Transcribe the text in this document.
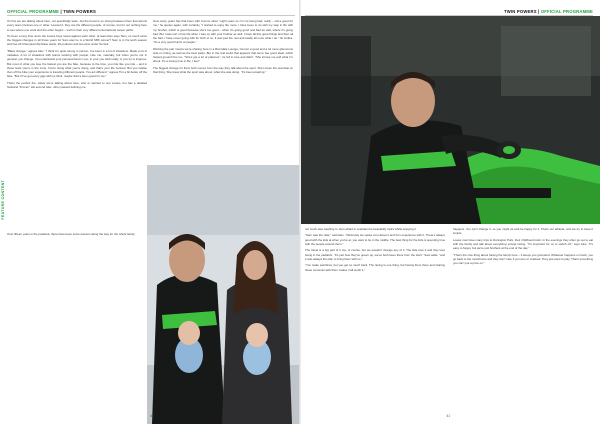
OFFICIAL PROGRAMME | TWIN POWERS	TWIN POWERS | OFFICIAL PROGRAMME
FEATURE CONTENT

It's fine we are talking about here, not specifically team, but the boost is so strong between them that almost every team involves one or other. Leaned it, they are the different people, of course, but it's not nothing here to see where one ends and the other begins – such is their very different international career paths.

It's been a long time since the Lowes boys raced against each other, at least Alex says Sam, so much since the biggest changes in all those years for Sam was he is a World SBK winner? Sam is in his tenth season and has 23 Championship Race starts, 29 podiums and two wins under his belt.

"Bikes change," agrees Alex. "I think I'm quite strong in person. I've been in a lot of situations. Made a lot of mistakes. A lot of situations with teams working with people. Like me, naturally, but when you're not in general, you change. You understand your personal best in you, in your you wish really, or you try to improve. But most of what you lose the fastest you are the bike, because to the time, you ride like you ride – and in those tests you're in the zone. You're doing what you're doing, and that's your life centred. But you realise then off the bike your experience is traveling different people. You act different," agrees Tim a bit better off the bike. "But if I've got every gigs with us think, maybe Sam's been good for me."

That's the perfect fire. Likely we're talking about here, who is married to one Lowes, but has a detailed husband "Frozen" His second rider, other passed defining me.

How many years has that been with Connor when "eight years so I'm not doing bad, really – she's good for me," he quotes again, with certainty. "I started to enjoy life more. I have been to do with my step in life with my brother, which is good because she's too good – when it's going good and bad as well, where it's going bad. But I was sort of low life when I was on with your brother as well. I have all this good things and then all the bad. I have never going with for both of us. It was just the rest and totally all more what I do." he smiles. "It's a very good bunch of people."

Working the pair means we're sharing here in a Riverdale Lounge, Connor a good and a lot more glamorous side on riding, as well as the best pasts. But in the real world that appears that we're two good ideal, which helped ground him too. "She's got a lot of patience", he fell in love and didn't. "She knows me and what I'm about. It's a strong time in life, I feel."

The biggest change for them both comes from the way they talk about the sport. She's been the real deal on that thing. She knew what the sport was about, what she was doing. "It's been amazing."

Over fifteen years in the paddock, there have been some lessons along the way for the whole family.

not much else washing in. He's afraid to maintain the beautifully looks whilst enjoying it.

"Sam was the rider," said Alex. "Obviously we spoke a lot about it and he's experience with it. There's always good with the kids at when you're at, you want to be in the middle. The best thing for the kids is spending time with the people around them."

The travel is a big part of it too, of course, but we wouldn't change any of it. The kids love it and they love being in the paddock. "It's just how they've grown up, we've both been there from the start," Sam adds, "and it was always the plan to bring them with us."

"You make sacrifices, but you get so much back. The racing is one thing, but having them there and sharing those moments with them makes it all worth it."

happens. You can't change it, so you might as well be happy for it. That's our attitude, and we try to keep it simple.

Lowes now have many trips to Donington Park, their childhood track. In the evenings they often go out to eat with the family and talk about everything except racing. "It's important for us to switch off," says Alex. "It's easy to forget, but we're just brothers at the end of the day."

"That's the nice thing about having the family here – it keeps you grounded. Whatever happens on track, you go back to the motorhome and they don't care if you won or crashed. They just want to play. That's something you can't put a price on."

40	41
